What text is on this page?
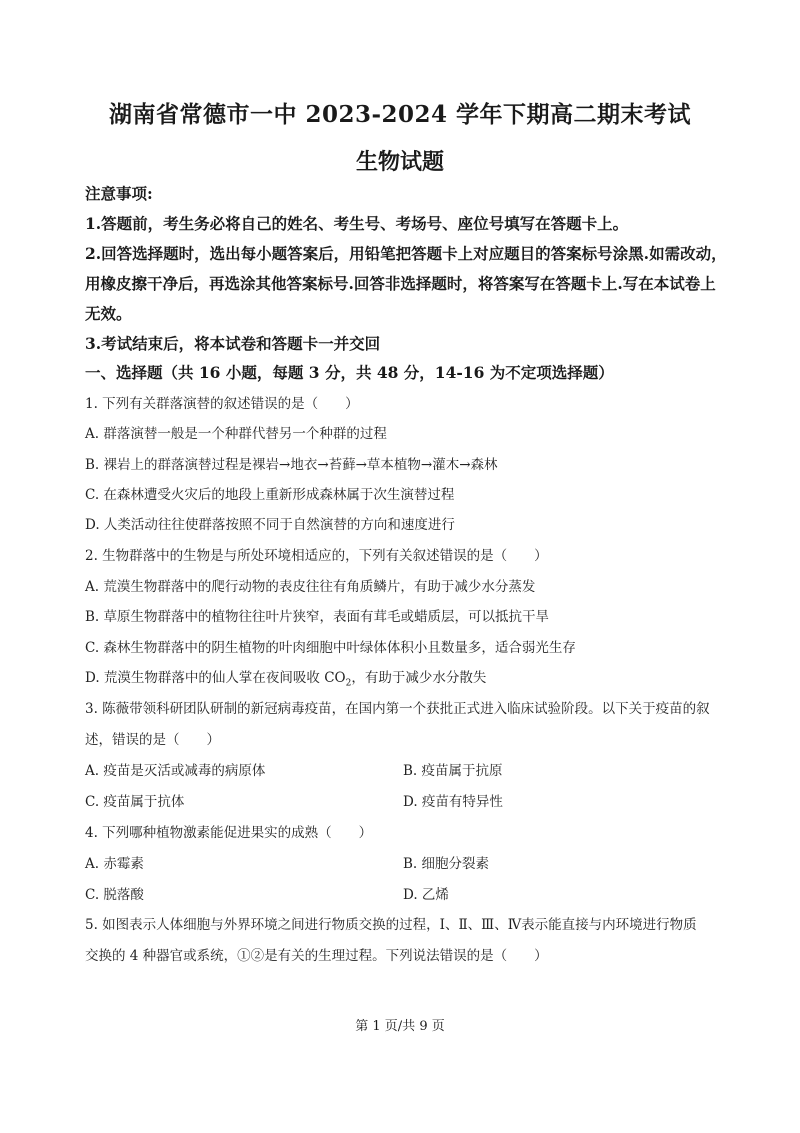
湖南省常德市一中 2023-2024 学年下期高二期末考试
生物试题
注意事项:
1.答题前，考生务必将自己的姓名、考生号、考场号、座位号填写在答题卡上。
2.回答选择题时，选出每小题答案后，用铅笔把答题卡上对应题目的答案标号涂黑.如需改动，
用橡皮擦干净后，再选涂其他答案标号.回答非选择题时，将答案写在答题卡上.写在本试卷上
无效。
3.考试结束后，将本试卷和答题卡一并交回
一、选择题（共 16 小题，每题 3 分，共 48 分，14-16 为不定项选择题）
1. 下列有关群落演替的叙述错误的是（　　）
A. 群落演替一般是一个种群代替另一个种群的过程
B. 裸岩上的群落演替过程是裸岩→地衣→苔藓→草本植物→灌木→森林
C. 在森林遭受火灾后的地段上重新形成森林属于次生演替过程
D. 人类活动往往使群落按照不同于自然演替的方向和速度进行
2. 生物群落中的生物是与所处环境相适应的，下列有关叙述错误的是（　　）
A. 荒漠生物群落中的爬行动物的表皮往往有角质鳞片，有助于减少水分蒸发
B. 草原生物群落中的植物往往叶片狭窄，表面有茸毛或蜡质层，可以抵抗干旱
C. 森林生物群落中的阴生植物的叶肉细胞中叶绿体体积小且数量多，适合弱光生存
D. 荒漠生物群落中的仙人掌在夜间吸收 $CO_2$，有助于减少水分散失
3. 陈薇带领科研团队研制的新冠病毒疫苗，在国内第一个获批正式进入临床试验阶段。以下关于疫苗的叙
述，错误的是（　　）
A. 疫苗是灭活或减毒的病原体	B. 疫苗属于抗原
C. 疫苗属于抗体	D. 疫苗有特异性
4. 下列哪种植物激素能促进果实的成熟（　　）
A. 赤霉素	B. 细胞分裂素
C. 脱落酸	D. 乙烯
5. 如图表示人体细胞与外界环境之间进行物质交换的过程，Ⅰ、Ⅱ、Ⅲ、Ⅳ表示能直接与内环境进行物质
交换的 4 种器官或系统，①②是有关的生理过程。下列说法错误的是（　　）
第 1 页/共 9 页
